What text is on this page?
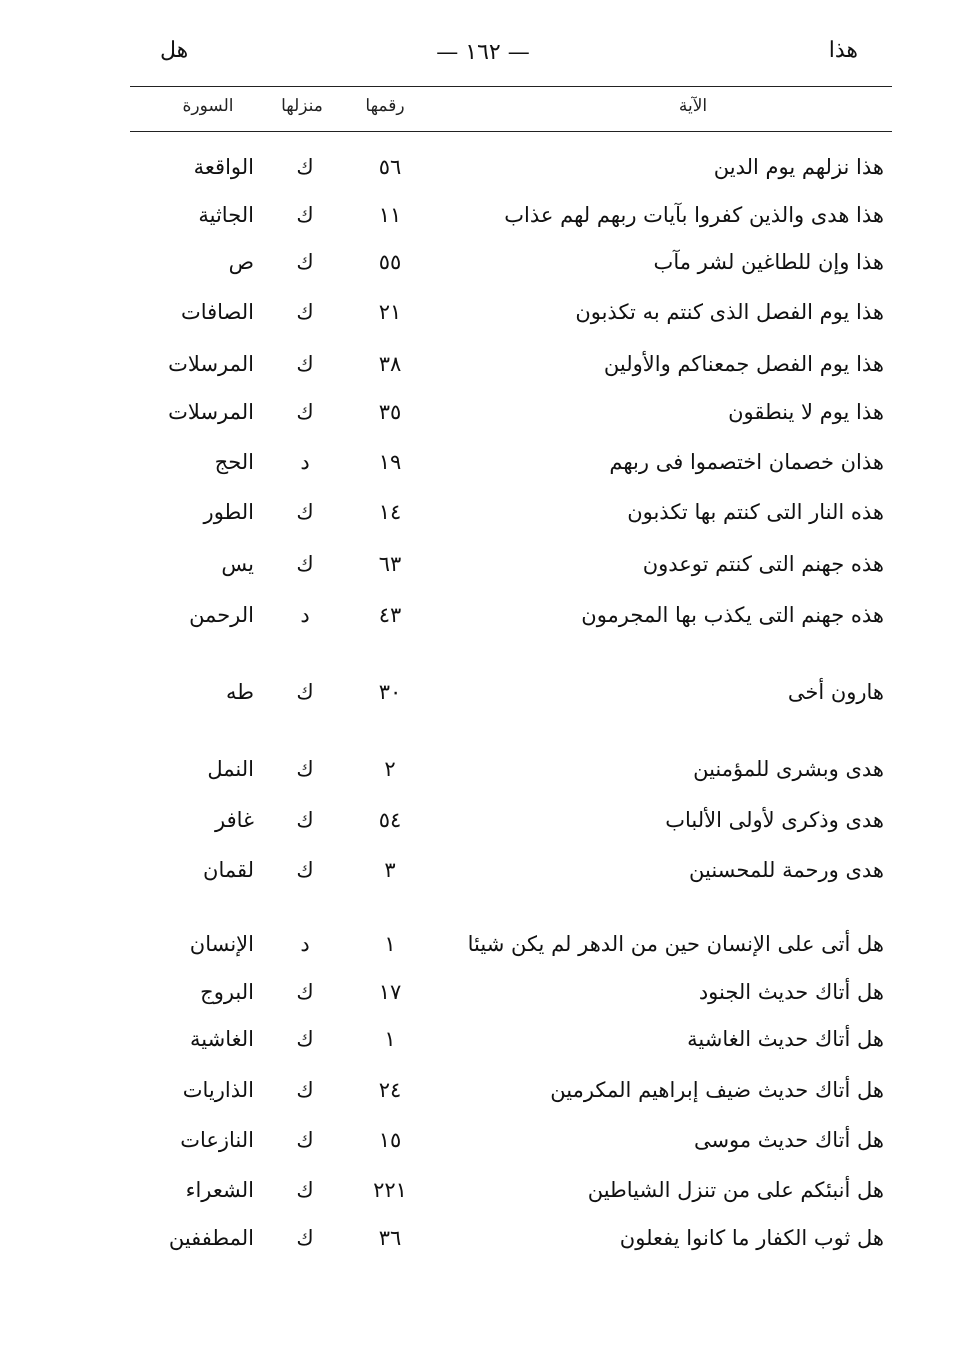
هذا
— ١٦٢ —
هل
الآية
رقمها
منزلها
السورة
هذا نزلهم يوم الدين
٥٦
ك
الواقعة
هذا هدى والذين كفروا بآيات ربهم لهم عذاب
١١
ك
الجاثية
هذا وإن للطاغين لشر مآب
٥٥
ك
ص
هذا يوم الفصل الذى كنتم به تكذبون
٢١
ك
الصافات
هذا يوم الفصل جمعناكم والأولين
٣٨
ك
المرسلات
هذا يوم لا ينطقون
٣٥
ك
المرسلات
هذان خصمان اختصموا فى ربهم
١٩
د
الحج
هذه النار التى كنتم بها تكذبون
١٤
ك
الطور
هذه جهنم التى كنتم توعدون
٦٣
ك
يس
هذه جهنم التى يكذب بها المجرمون
٤٣
د
الرحمن
هارون أخى
٣٠
ك
طه
هدى وبشرى للمؤمنين
٢
ك
النمل
هدى وذكرى لأولى الألباب
٥٤
ك
غافر
هدى ورحمة للمحسنين
٣
ك
لقمان
هل أتى على الإنسان حين من الدهر لم يكن شيئا
١
د
الإنسان
هل أتاك حديث الجنود
١٧
ك
البروج
هل أتاك حديث الغاشية
١
ك
الغاشية
هل أتاك حديث ضيف إبراهيم المكرمين
٢٤
ك
الذاريات
هل أتاك حديث موسى
١٥
ك
النازعات
هل أنبئكم على من تنزل الشياطين
٢٢١
ك
الشعراء
هل ثوب الكفار ما كانوا يفعلون
٣٦
ك
المطففين
